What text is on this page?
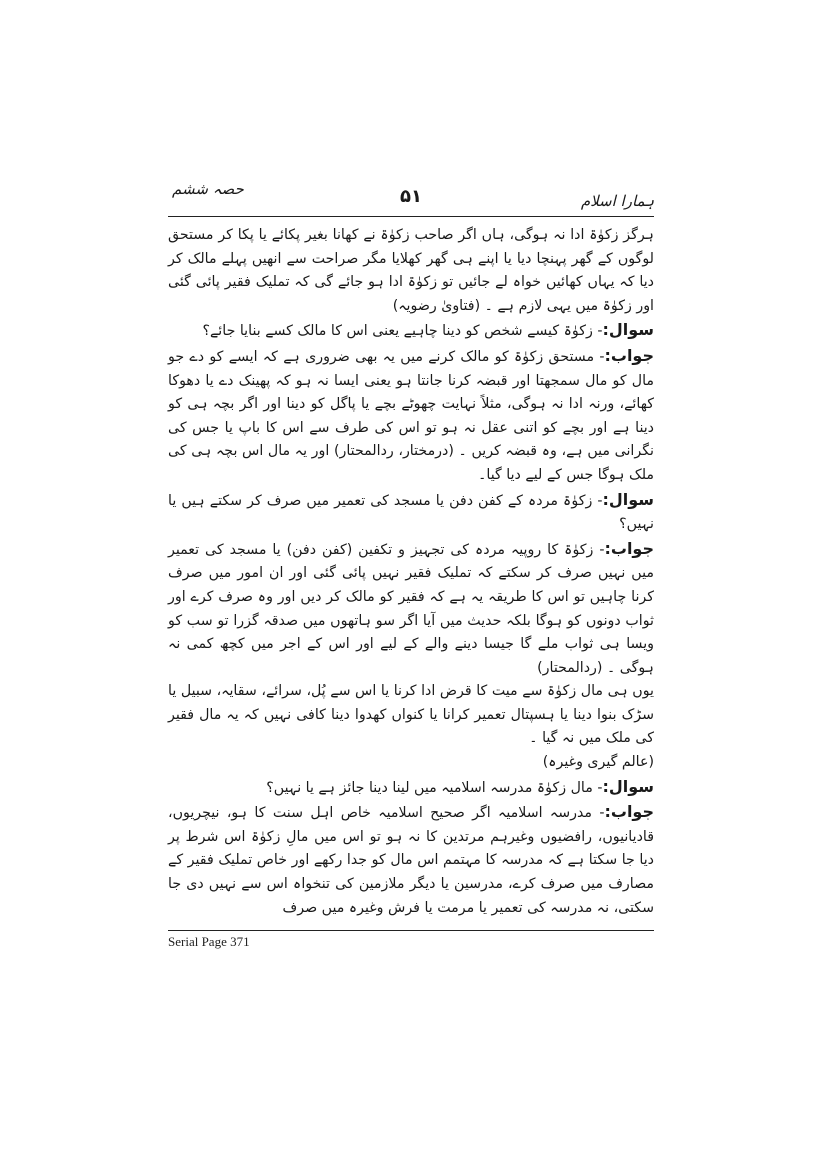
ہمارا اسلام
۵۱
حصہ ششم

ہرگز زکوٰۃ ادا نہ ہوگی، ہاں اگر صاحب زکوٰۃ نے کھانا بغیر پکائے یا پکا کر مستحق لوگوں کے گھر پہنچا دیا یا اپنے ہی گھر کھلایا مگر صراحت سے انھیں پہلے مالک کر دیا کہ یہاں کھائیں خواہ لے جائیں تو زکوٰۃ ادا ہو جائے گی کہ تملیک فقیر پائی گئی اور زکوٰۃ میں یہی لازم ہے ۔ (فتاویٰ رضویہ)

سوال:- زکوٰۃ کیسے شخص کو دینا چاہیے یعنی اس کا مالک کسے بنایا جائے؟

جواب:- مستحق زکوٰۃ کو مالک کرنے میں یہ بھی ضروری ہے کہ ایسے کو دے جو مال کو مال سمجھتا اور قبضہ کرنا جانتا ہو یعنی ایسا نہ ہو کہ پھینک دے یا دھوکا کھائے، ورنہ ادا نہ ہوگی، مثلاً نہایت چھوٹے بچے یا پاگل کو دینا اور اگر بچہ ہی کو دینا ہے اور بچے کو اتنی عقل نہ ہو تو اس کی طرف سے اس کا باپ یا جس کی نگرانی میں ہے، وہ قبضہ کریں ۔ (درمختار، ردالمحتار) اور یہ مال اس بچہ ہی کی ملک ہوگا جس کے لیے دیا گیا۔

سوال:- زکوٰۃ مردہ کے کفن دفن یا مسجد کی تعمیر میں صرف کر سکتے ہیں یا نہیں؟

جواب:- زکوٰۃ کا روپیہ مردہ کی تجہیز و تکفین (کفن دفن) یا مسجد کی تعمیر میں نہیں صرف کر سکتے کہ تملیک فقیر نہیں پائی گئی اور ان امور میں صرف کرنا چاہیں تو اس کا طریقہ یہ ہے کہ فقیر کو مالک کر دیں اور وہ صرف کرے اور ثواب دونوں کو ہوگا بلکہ حدیث میں آیا اگر سو ہاتھوں میں صدقہ گزرا تو سب کو ویسا ہی ثواب ملے گا جیسا دینے والے کے لیے اور اس کے اجر میں کچھ کمی نہ ہوگی ۔ (ردالمحتار)

یوں ہی مال زکوٰۃ سے میت کا قرض ادا کرنا یا اس سے پُل، سرائے، سقایہ، سبیل یا سڑک بنوا دینا یا ہسپتال تعمیر کرانا یا کنواں کھدوا دینا کافی نہیں کہ یہ مال فقیر کی ملک میں نہ گیا ۔

(عالم گیری وغیرہ)

سوال:- مال زکوٰۃ مدرسہ اسلامیہ میں لینا دینا جائز ہے یا نہیں؟

جواب:- مدرسہ اسلامیہ اگر صحیح اسلامیہ خاص اہل سنت کا ہو، نیچریوں، قادیانیوں، رافضیوں وغیرہم مرتدین کا نہ ہو تو اس میں مالِ زکوٰۃ اس شرط پر دیا جا سکتا ہے کہ مدرسہ کا مہتمم اس مال کو جدا رکھے اور خاص تملیک فقیر کے مصارف میں صرف کرے، مدرسین یا دیگر ملازمین کی تنخواہ اس سے نہیں دی جا سکتی، نہ مدرسہ کی تعمیر یا مرمت یا فرش وغیرہ میں صرف

Serial Page 371
